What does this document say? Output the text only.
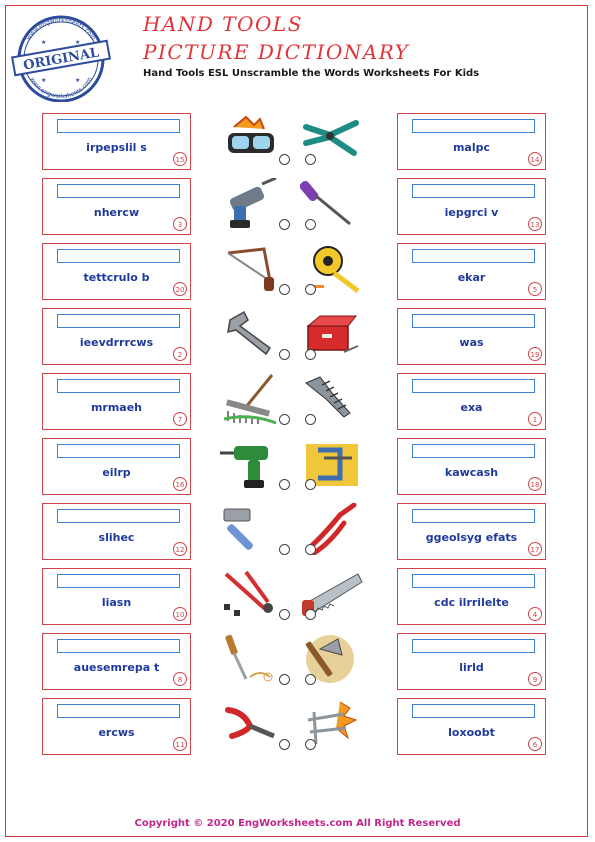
www.engworksheets.com
www.engworksheets.com
ORIGINAL
★	★
★	★
HAND TOOLS
PICTURE DICTIONARY
Hand Tools ESL Unscramble the Words Worksheets For Kids
irpepslil s
15
nhercw
3
tettcrulo b
20
ieevdrrrcws
2
mrmaeh
7
eilrp
16
slihec
12
liasn
10
auesemrepa t
8
ercws
11
malpc
14
iepgrci v
13
ekar
5
was
19
exa
1
kawcash
18
ggeolsyg efats
17
cdc ilrrilelte
4
lirld
9
loxoobt
6
Copyright © 2020 EngWorksheets.com All Right Reserved
